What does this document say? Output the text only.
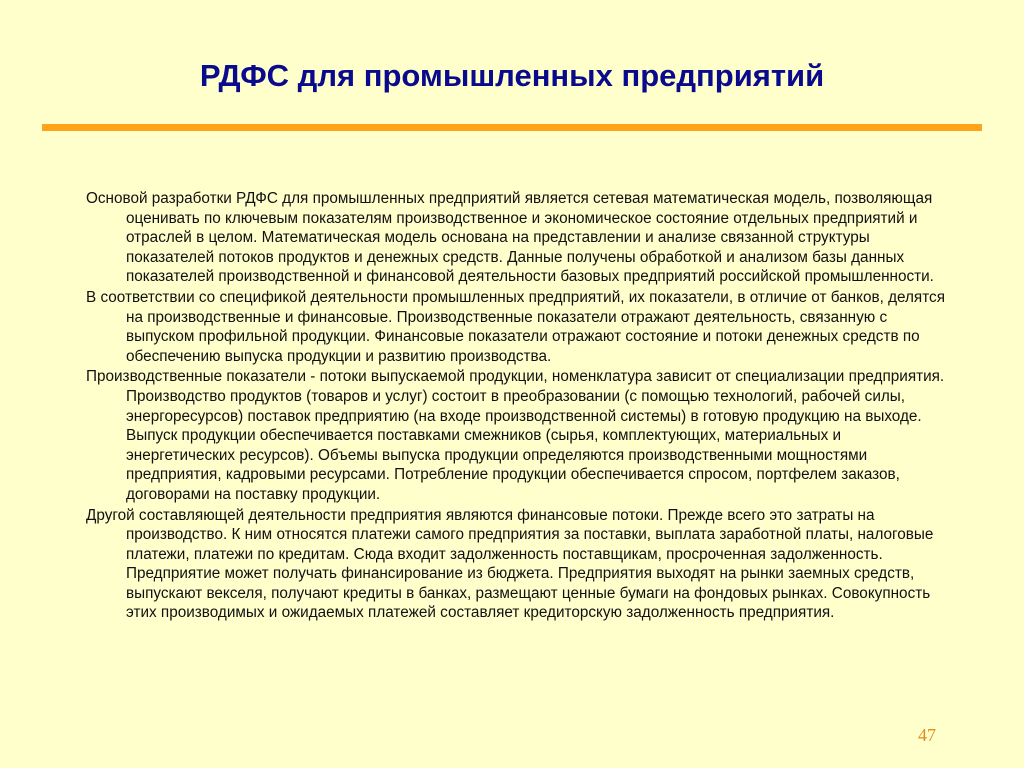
РДФС для промышленных предприятий

Основой разработки РДФС для промышленных предприятий является сетевая математическая модель, позволяющая оценивать по ключевым показателям производственное и экономическое состояние отдельных предприятий и отраслей в целом. Математическая модель основана на представлении и анализе связанной структуры показателей потоков продуктов и денежных средств. Данные получены обработкой и анализом базы данных показателей производственной и финансовой деятельности базовых предприятий российской промышленности.

В соответствии со спецификой деятельности промышленных предприятий, их показатели, в отличие от банков, делятся на производственные и финансовые. Производственные показатели отражают деятельность, связанную с выпуском профильной продукции. Финансовые показатели отражают состояние и потоки денежных средств по обеспечению выпуска продукции и развитию производства.

Производственные показатели - потоки выпускаемой продукции, номенклатура зависит от специализации предприятия. Производство продуктов (товаров и услуг) состоит в преобразовании (с помощью технологий, рабочей силы, энергоресурсов) поставок предприятию (на входе производственной системы) в готовую продукцию на выходе. Выпуск продукции обеспечивается поставками смежников (сырья, комплектующих, материальных и энергетических ресурсов). Объемы выпуска продукции определяются производственными мощностями предприятия, кадровыми ресурсами. Потребление продукции обеспечивается спросом, портфелем заказов, договорами на поставку продукции.

Другой составляющей деятельности предприятия являются финансовые потоки. Прежде всего это затраты на производство. К ним относятся платежи самого предприятия за поставки, выплата заработной платы, налоговые платежи, платежи по кредитам. Сюда входит задолженность поставщикам, просроченная задолженность. Предприятие может получать финансирование из бюджета. Предприятия выходят на рынки заемных средств, выпускают векселя, получают кредиты в банках, размещают ценные бумаги на фондовых рынках. Совокупность этих производимых и ожидаемых платежей составляет кредиторскую задолженность предприятия.

47
